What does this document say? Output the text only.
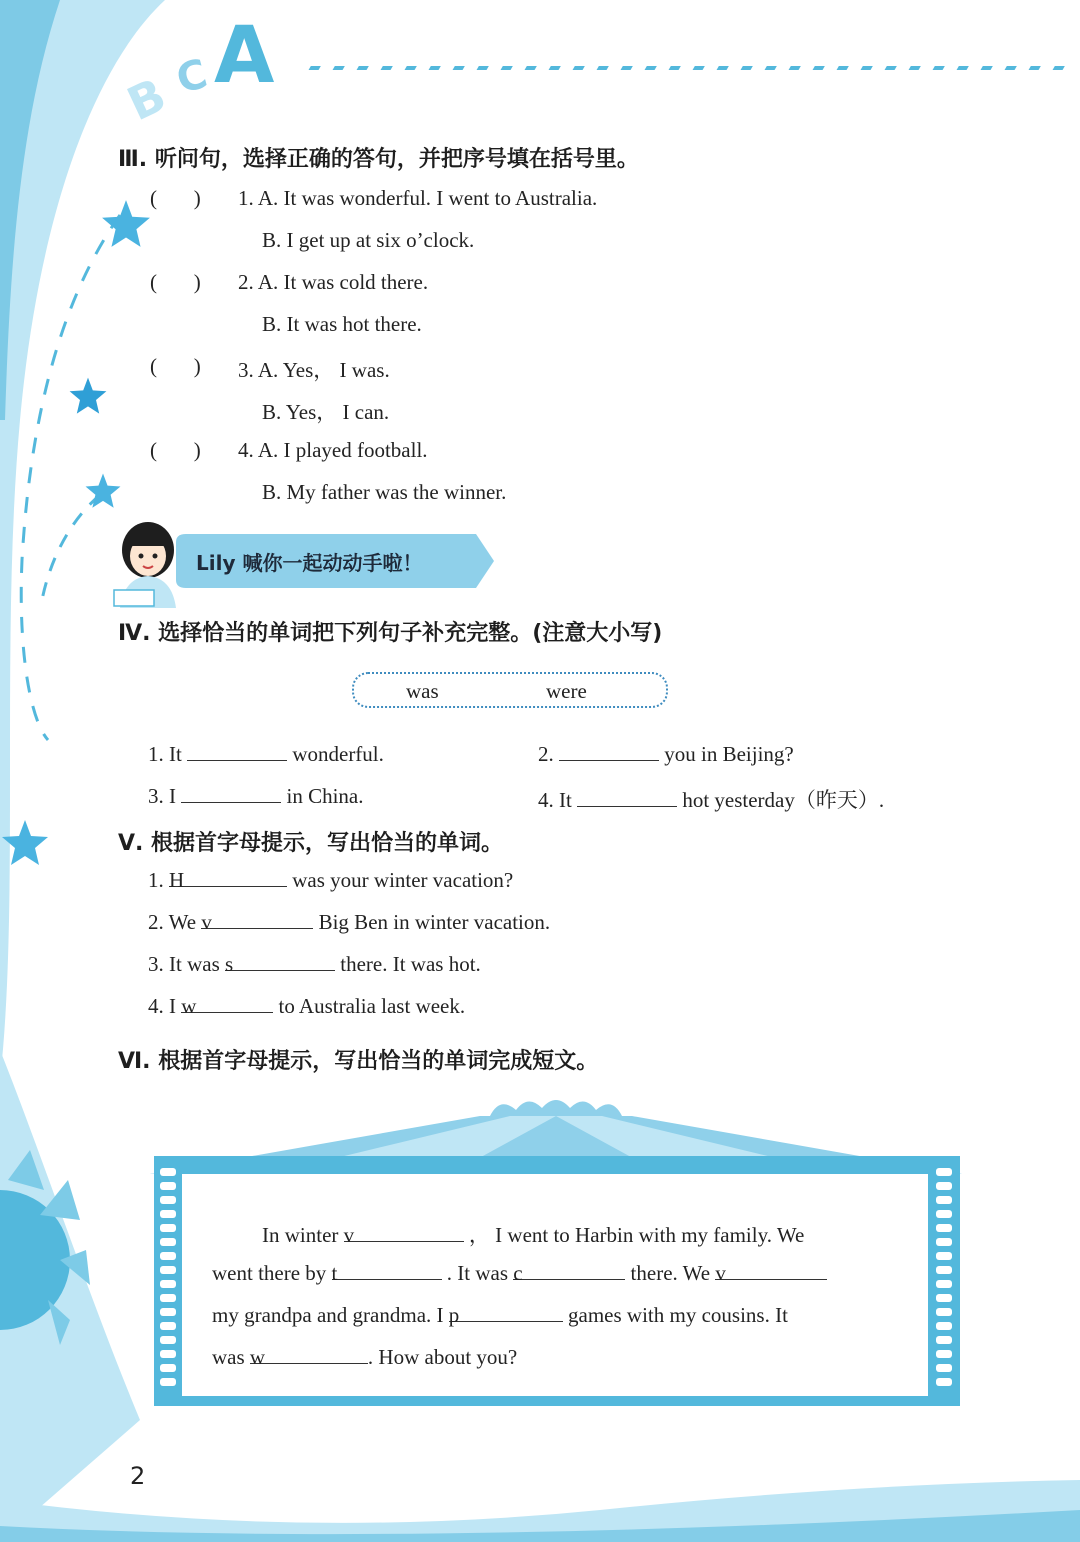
B
C A
Ⅲ. 听问句，选择正确的答句，并把序号填在括号里。
(       ) 1. A. It was wonderful. I went to Australia.
B. I get up at six o’clock.
(       ) 2. A. It was cold there.
B. It was hot there.
(       ) 3. A. Yes， I was.
B. Yes， I can.
(       ) 4. A. I played football.
B. My father was the winner.
Lily 喊你一起动动手啦！
Ⅳ. 选择恰当的单词把下列句子补充完整。(注意大小写)
was	were
1. It	wonderful.	2.	you in Beijing?
3. I	in China.	4. It	hot yesterday（昨天）.
Ⅴ. 根据首字母提示，写出恰当的单词。
1. H	was your winter vacation?
2. We v	Big Ben in winter vacation.
3. It was s	there. It was hot.
4. I w	to Australia last week.
Ⅵ. 根据首字母提示，写出恰当的单词完成短文。
In winter v	， I went to Harbin with my family. We
went there by t	. It was c	there. We v
my grandpa and grandma. I p	games with my cousins. It
was w	. How about you?
2
